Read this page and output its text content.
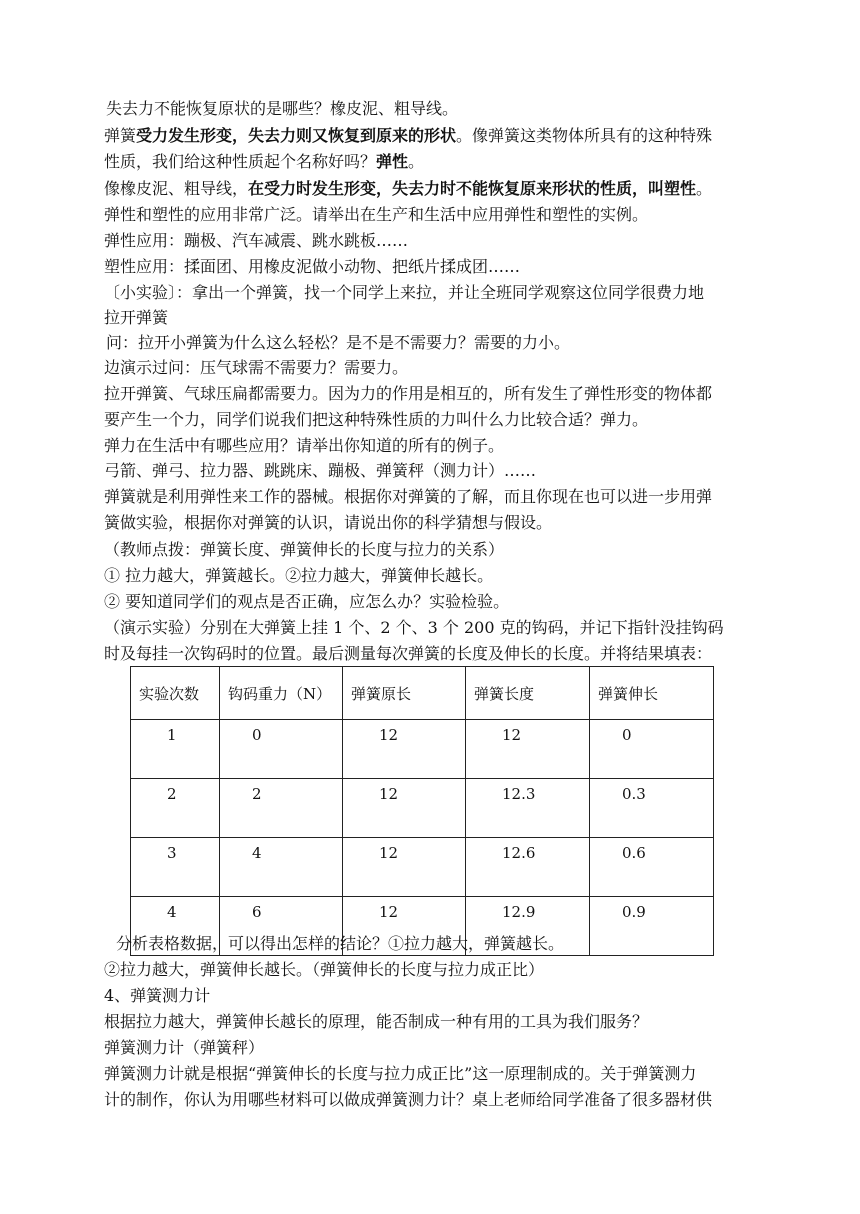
失去力不能恢复原状的是哪些？橡皮泥、粗导线。
弹簧受力发生形变，失去力则又恢复到原来的形状。像弹簧这类物体所具有的这种特殊
性质，我们给这种性质起个名称好吗？弹性。
像橡皮泥、粗导线，在受力时发生形变，失去力时不能恢复原来形状的性质，叫塑性。
弹性和塑性的应用非常广泛。请举出在生产和生活中应用弹性和塑性的实例。
弹性应用：蹦极、汽车减震、跳水跳板……
塑性应用：揉面团、用橡皮泥做小动物、把纸片揉成团……
〔小实验〕：拿出一个弹簧，找一个同学上来拉，并让全班同学观察这位同学很费力地
拉开弹簧
问：拉开小弹簧为什么这么轻松？是不是不需要力？需要的力小。
边演示过问：压气球需不需要力？需要力。
拉开弹簧、气球压扁都需要力。因为力的作用是相互的，所有发生了弹性形变的物体都
要产生一个力，同学们说我们把这种特殊性质的力叫什么力比较合适？弹力。
弹力在生活中有哪些应用？请举出你知道的所有的例子。
弓箭、弹弓、拉力器、跳跳床、蹦极、弹簧秤（测力计）……
弹簧就是利用弹性来工作的器械。根据你对弹簧的了解，而且你现在也可以进一步用弹
簧做实验，根据你对弹簧的认识，请说出你的科学猜想与假设。
（教师点拨：弹簧长度、弹簧伸长的长度与拉力的关系）
① 拉力越大，弹簧越长。②拉力越大，弹簧伸长越长。
② 要知道同学们的观点是否正确，应怎么办？实验检验。
（演示实验）分别在大弹簧上挂 1 个、2 个、3 个 200 克的钩码，并记下指针没挂钩码
时及每挂一次钩码时的位置。最后测量每次弹簧的长度及伸长的长度。并将结果填表：
实验次数	钩码重力（N）	弹簧原长	弹簧长度	弹簧伸长
1	0	12	12	0
2	2	12	12.3	0.3
3	4	12	12.6	0.6
4	6	12	12.9	0.9
分析表格数据，可以得出怎样的结论？①拉力越大，弹簧越长。
②拉力越大，弹簧伸长越长。（弹簧伸长的长度与拉力成正比）
4、弹簧测力计
根据拉力越大，弹簧伸长越长的原理，能否制成一种有用的工具为我们服务？
弹簧测力计（弹簧秤）
弹簧测力计就是根据“弹簧伸长的长度与拉力成正比”这一原理制成的。关于弹簧测力
计的制作，你认为用哪些材料可以做成弹簧测力计？桌上老师给同学准备了很多器材供
